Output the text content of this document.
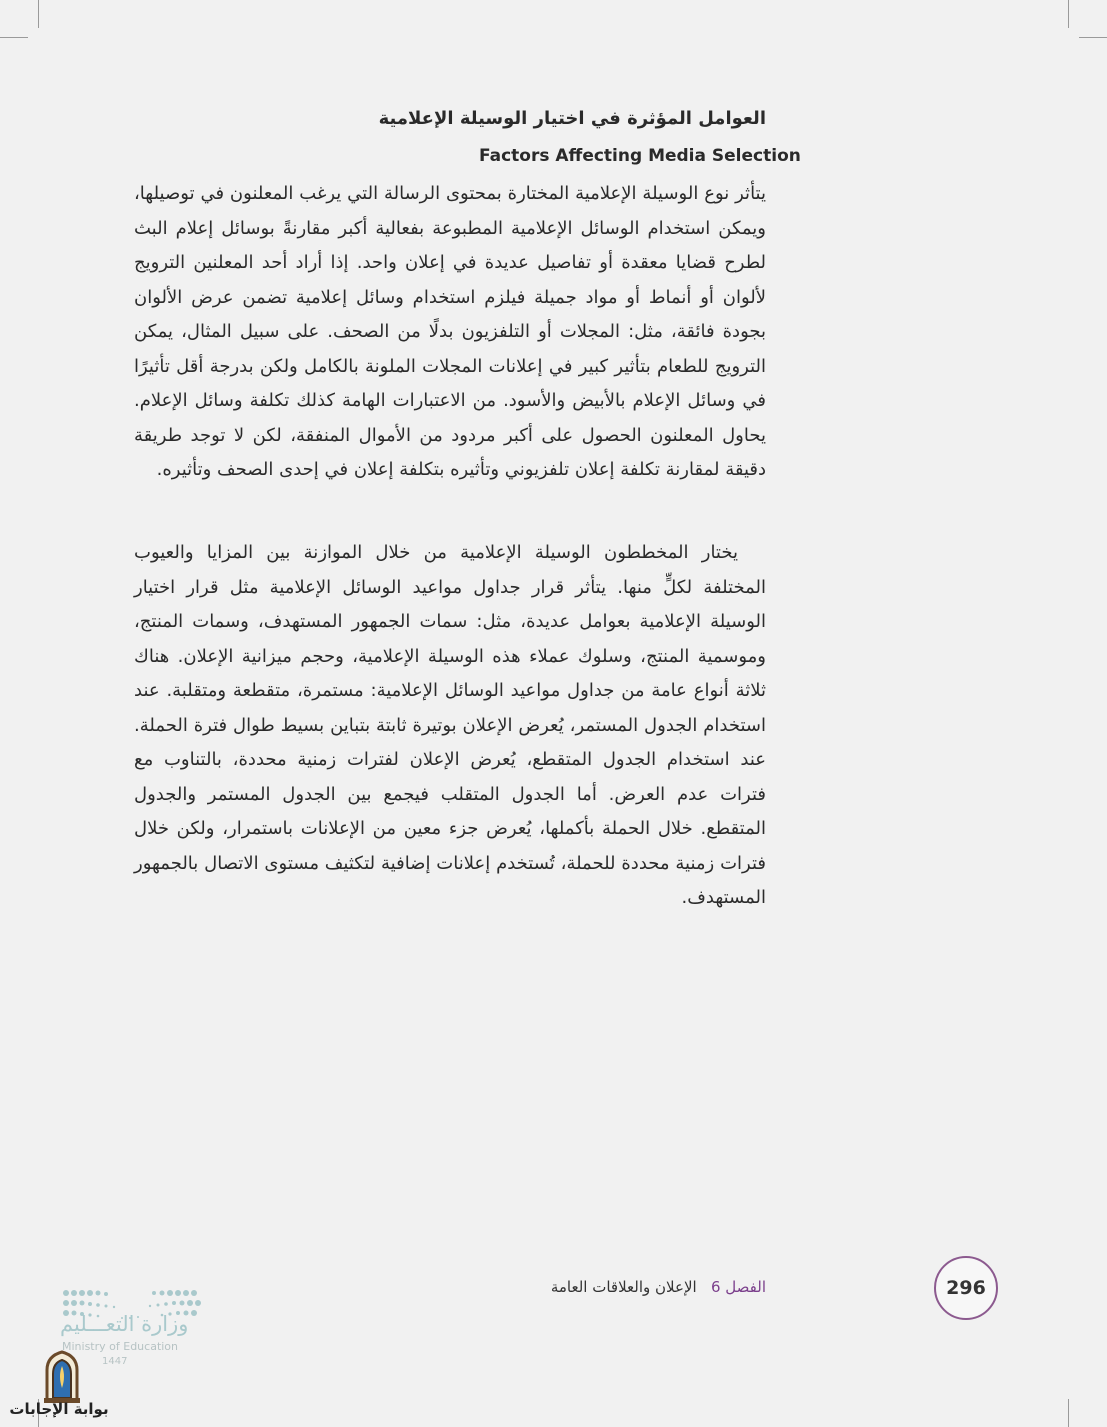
العوامل المؤثرة في اختيار الوسيلة الإعلامية
Factors Affecting Media Selection

يتأثر نوع الوسيلة الإعلامية المختارة بمحتوى الرسالة التي يرغب المعلنون في توصيلها، ويمكن استخدام الوسائل الإعلامية المطبوعة بفعالية أكبر مقارنةً بوسائل إعلام البث لطرح قضايا معقدة أو تفاصيل عديدة في إعلان واحد. إذا أراد أحد المعلنين الترويج لألوان أو أنماط أو مواد جميلة فيلزم استخدام وسائل إعلامية تضمن عرض الألوان بجودة فائقة، مثل: المجلات أو التلفزيون بدلًا من الصحف. على سبيل المثال، يمكن الترويج للطعام بتأثير كبير في إعلانات المجلات الملونة بالكامل ولكن بدرجة أقل تأثيرًا في وسائل الإعلام بالأبيض والأسود. من الاعتبارات الهامة كذلك تكلفة وسائل الإعلام. يحاول المعلنون الحصول على أكبر مردود من الأموال المنفقة، لكن لا توجد طريقة دقيقة لمقارنة تكلفة إعلان تلفزيوني وتأثيره بتكلفة إعلان في إحدى الصحف وتأثيره.

يختار المخططون الوسيلة الإعلامية من خلال الموازنة بين المزايا والعيوب المختلفة لكلٍّ منها. يتأثر قرار جداول مواعيد الوسائل الإعلامية مثل قرار اختيار الوسيلة الإعلامية بعوامل عديدة، مثل: سمات الجمهور المستهدف، وسمات المنتج، وموسمية المنتج، وسلوك عملاء هذه الوسيلة الإعلامية، وحجم ميزانية الإعلان. هناك ثلاثة أنواع عامة من جداول مواعيد الوسائل الإعلامية: مستمرة، متقطعة ومتقلبة. عند استخدام الجدول المستمر، يُعرض الإعلان بوتيرة ثابتة بتباين بسيط طوال فترة الحملة. عند استخدام الجدول المتقطع، يُعرض الإعلان لفترات زمنية محددة، بالتناوب مع فترات عدم العرض. أما الجدول المتقلب فيجمع بين الجدول المستمر والجدول المتقطع. خلال الحملة بأكملها، يُعرض جزء معين من الإعلانات باستمرار، ولكن خلال فترات زمنية محددة للحملة، تُستخدم إعلانات إضافية لتكثيف مستوى الاتصال بالجمهور المستهدف.

الفصل 6   الإعلان والعلاقات العامة	296
وزارة التعـــليم
Ministry of Education
1447
بوابة الإجابات
